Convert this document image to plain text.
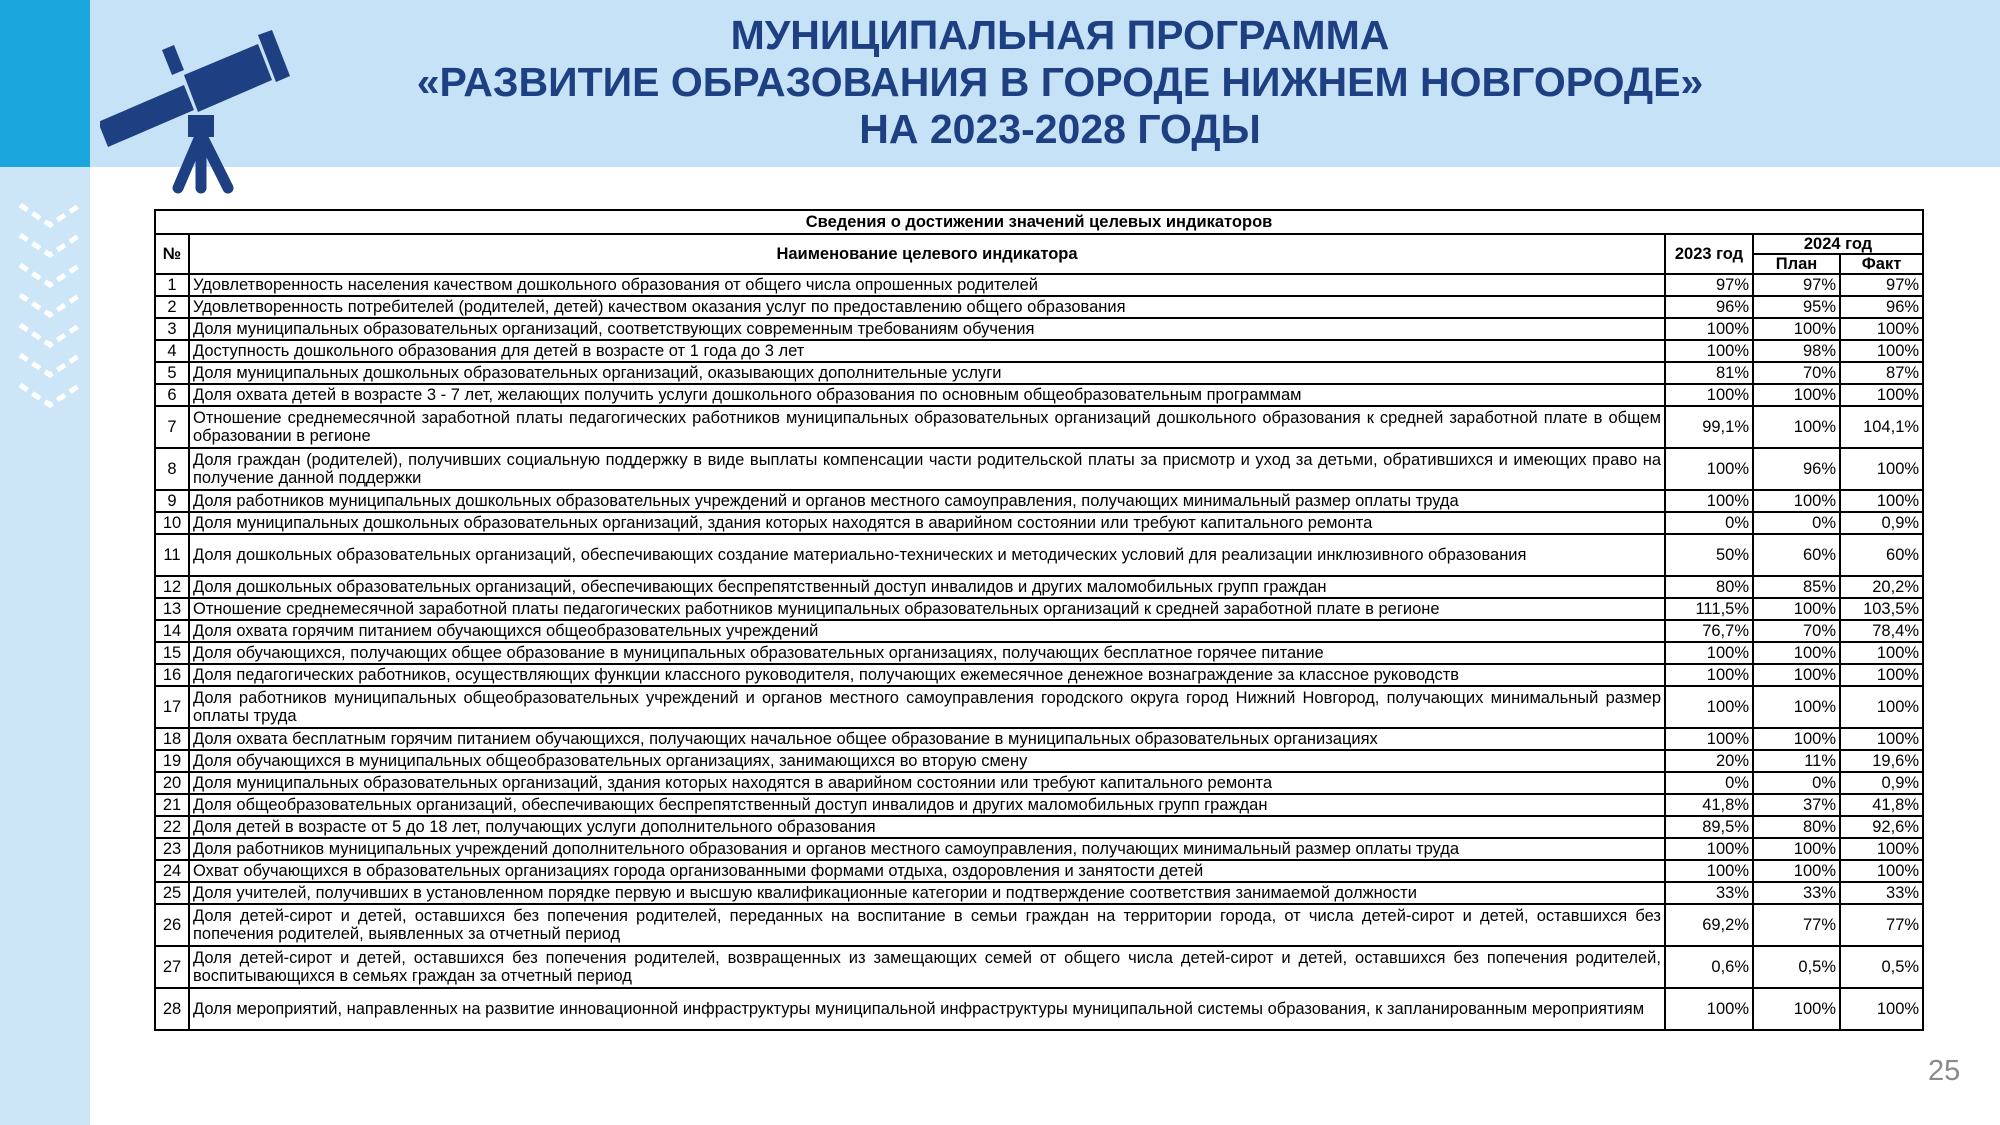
МУНИЦИПАЛЬНАЯ ПРОГРАММА
«РАЗВИТИЕ ОБРАЗОВАНИЯ В ГОРОДЕ НИЖНЕМ НОВГОРОДЕ»
НА 2023-2028 ГОДЫ
Сведения о достижении значений целевых индикаторов				
№	Наименование целевого индикатора	2023 год	2024 год	
			План	Факт
1	Удовлетворенность населения качеством дошкольного образования от общего числа опрошенных родителей	97%	97%	97%
2	Удовлетворенность потребителей (родителей, детей) качеством оказания услуг по предоставлению общего образования	96%	95%	96%
3	Доля муниципальных образовательных организаций, соответствующих современным требованиям обучения	100%	100%	100%
4	Доступность дошкольного образования для детей в возрасте от 1 года до 3 лет	100%	98%	100%
5	Доля муниципальных дошкольных образовательных организаций, оказывающих дополнительные услуги	81%	70%	87%
6	Доля охвата детей в возрасте 3 - 7 лет, желающих получить услуги дошкольного образования по основным общеобразовательным программам	100%	100%	100%
7	Отношение среднемесячной заработной платы педагогических работников муниципальных образовательных организаций дошкольного образования к средней заработной плате в общем образовании в регионе	99,1%	100%	104,1%
8	Доля граждан (родителей), получивших социальную поддержку в виде выплаты компенсации части родительской платы за присмотр и уход за детьми, обратившихся и имеющих право на получение данной поддержки	100%	96%	100%
9	Доля работников муниципальных дошкольных образовательных учреждений и органов местного самоуправления, получающих минимальный размер оплаты труда	100%	100%	100%
10	Доля муниципальных дошкольных образовательных организаций, здания которых находятся в аварийном состоянии или требуют капитального ремонта	0%	0%	0,9%
11	Доля дошкольных образовательных организаций, обеспечивающих создание материально-технических и методических условий для реализации инклюзивного образования	50%	60%	60%
12	Доля дошкольных образовательных организаций, обеспечивающих беспрепятственный доступ инвалидов и других маломобильных групп граждан	80%	85%	20,2%
13	Отношение среднемесячной заработной платы педагогических работников муниципальных образовательных организаций к средней заработной плате в регионе	111,5%	100%	103,5%
14	Доля охвата горячим питанием обучающихся общеобразовательных учреждений	76,7%	70%	78,4%
15	Доля обучающихся, получающих общее образование в муниципальных образовательных организациях, получающих бесплатное горячее питание	100%	100%	100%
16	Доля педагогических работников, осуществляющих функции классного руководителя, получающих ежемесячное денежное вознаграждение за классное руководств	100%	100%	100%
17	Доля работников муниципальных общеобразовательных учреждений и органов местного самоуправления городского округа город Нижний Новгород, получающих минимальный размер оплаты труда	100%	100%	100%
18	Доля охвата бесплатным горячим питанием обучающихся, получающих начальное общее образование в муниципальных образовательных организациях	100%	100%	100%
19	Доля обучающихся в муниципальных общеобразовательных организациях, занимающихся во вторую смену	20%	11%	19,6%
20	Доля муниципальных образовательных организаций, здания которых находятся в аварийном состоянии или требуют капитального ремонта	0%	0%	0,9%
21	Доля общеобразовательных организаций, обеспечивающих беспрепятственный доступ инвалидов и других маломобильных групп граждан	41,8%	37%	41,8%
22	Доля детей в возрасте от 5 до 18 лет, получающих услуги дополнительного образования	89,5%	80%	92,6%
23	Доля работников муниципальных учреждений дополнительного образования и органов местного самоуправления, получающих минимальный размер оплаты труда	100%	100%	100%
24	Охват обучающихся в образовательных организациях города организованными формами отдыха, оздоровления и занятости детей	100%	100%	100%
25	Доля учителей, получивших в установленном порядке первую и высшую квалификационные категории и подтверждение соответствия занимаемой должности	33%	33%	33%
26	Доля детей-сирот и детей, оставшихся без попечения родителей, переданных на воспитание в семьи граждан на территории города, от числа детей-сирот и детей, оставшихся без попечения родителей, выявленных за отчетный период	69,2%	77%	77%
27	Доля детей-сирот и детей, оставшихся без попечения родителей, возвращенных из замещающих семей от общего числа детей-сирот и детей, оставшихся без попечения родителей, воспитывающихся в семьях граждан за отчетный период	0,6%	0,5%	0,5%
28	Доля мероприятий, направленных на развитие инновационной инфраструктуры муниципальной инфраструктуры муниципальной системы образования, к запланированным мероприятиям	100%	100%	100%
25
